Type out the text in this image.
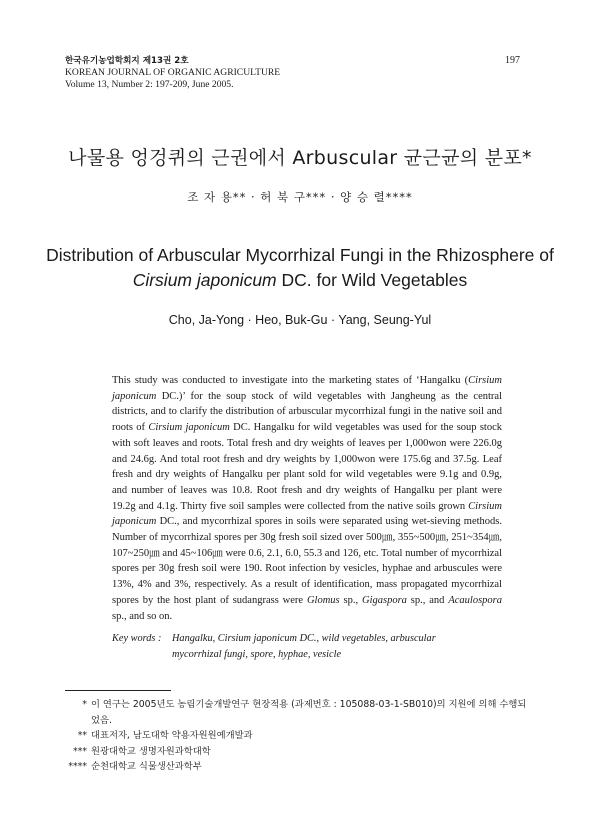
한국유기농업학회지 제13권 2호
KOREAN JOURNAL OF ORGANIC AGRICULTURE
Volume 13, Number 2: 197-209, June 2005.
197
나물용 엉겅퀴의 근권에서 Arbuscular 균근균의 분포*
조 자 용** · 허 북 구*** · 양 승 렬****
Distribution of Arbuscular Mycorrhizal Fungi in the Rhizosphere of
Cirsium japonicum DC. for Wild Vegetables
Cho, Ja-Yong · Heo, Buk-Gu · Yang, Seung-Yul

This study was conducted to investigate into the marketing states of ‘Hangalku (Cirsium japonicum DC.)’ for the soup stock of wild vegetables with Jangheung as the central districts, and to clarify the distribution of arbuscular mycorrhizal fungi in the native soil and roots of Cirsium japonicum DC. Hangalku for wild vegetables was used for the soup stock with soft leaves and roots. Total fresh and dry weights of leaves per 1,000won were 226.0g and 24.6g. And total root fresh and dry weights by 1,000won were 175.6g and 37.5g. Leaf fresh and dry weights of Hangalku per plant sold for wild vegetables were 9.1g and 0.9g, and number of leaves was 10.8. Root fresh and dry weights of Hangalku per plant were 19.2g and 4.1g. Thirty five soil samples were collected from the native soils grown Cirsium japonicum DC., and mycorrhizal spores in soils were separated using wet-sieving methods. Number of mycorrhizal spores per 30g fresh soil sized over 500㎛, 355~500㎛, 251~354㎛, 107~250㎛ and 45~106㎛ were 0.6, 2.1, 6.0, 55.3 and 126, etc. Total number of mycorrhizal spores per 30g fresh soil were 190. Root infection by vesicles, hyphae and arbuscules were 13%, 4% and 3%, respectively. As a result of identification, mass propagated mycorrhizal spores by the host plant of sudangrass were Glomus sp., Gigaspora sp., and Acaulospora sp., and so on.

Key words : Hangalku, Cirsium japonicum DC., wild vegetables, arbuscular
mycorrhizal fungi, spore, hyphae, vesicle
* 이 연구는 2005년도 농림기술개발연구 현장적용 (과제번호 : 105088-03-1-SB010)의 지원에 의해 수행되었음.
** 대표저자, 남도대학 약용자원원예개발과
*** 원광대학교 생명자원과학대학
**** 순천대학교 식물생산과학부
